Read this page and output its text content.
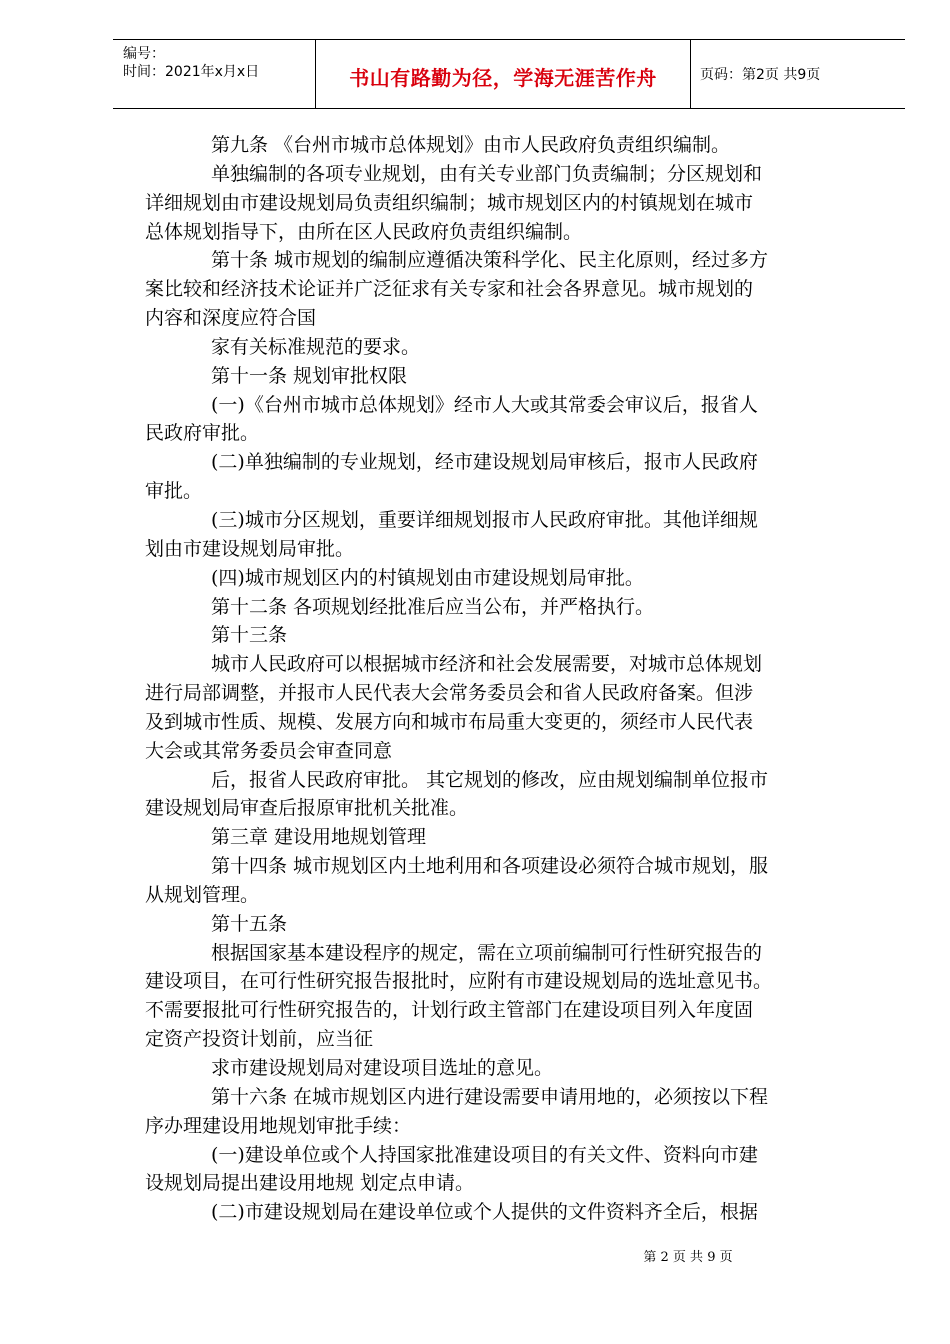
编号：
时间：2021年x月x日	书山有路勤为径，学海无涯苦作舟	页码：第2页 共9页
第九条 《台州市城市总体规划》由市人民政府负责组织编制。
单独编制的各项专业规划，由有关专业部门负责编制；分区规划和
详细规划由市建设规划局负责组织编制；城市规划区内的村镇规划在城市
总体规划指导下，由所在区人民政府负责组织编制。
第十条 城市规划的编制应遵循决策科学化、民主化原则，经过多方
案比较和经济技术论证并广泛征求有关专家和社会各界意见。城市规划的
内容和深度应符合国
家有关标准规范的要求。
第十一条 规划审批权限
(一)《台州市城市总体规划》经市人大或其常委会审议后，报省人
民政府审批。
(二)单独编制的专业规划，经市建设规划局审核后，报市人民政府
审批。
(三)城市分区规划，重要详细规划报市人民政府审批。其他详细规
划由市建设规划局审批。
(四)城市规划区内的村镇规划由市建设规划局审批。
第十二条 各项规划经批准后应当公布，并严格执行。
第十三条
城市人民政府可以根据城市经济和社会发展需要，对城市总体规划
进行局部调整，并报市人民代表大会常务委员会和省人民政府备案。但涉
及到城市性质、规模、发展方向和城市布局重大变更的，须经市人民代表
大会或其常务委员会审查同意
后，报省人民政府审批。 其它规划的修改，应由规划编制单位报市
建设规划局审查后报原审批机关批准。
第三章 建设用地规划管理
第十四条 城市规划区内土地利用和各项建设必须符合城市规划，服
从规划管理。
第十五条
根据国家基本建设程序的规定，需在立项前编制可行性研究报告的
建设项目，在可行性研究报告报批时，应附有市建设规划局的选址意见书。
不需要报批可行性研究报告的，计划行政主管部门在建设项目列入年度固
定资产投资计划前，应当征
求市建设规划局对建设项目选址的意见。
第十六条 在城市规划区内进行建设需要申请用地的，必须按以下程
序办理建设用地规划审批手续：
(一)建设单位或个人持国家批准建设项目的有关文件、资料向市建
设规划局提出建设用地规 划定点申请。
(二)市建设规划局在建设单位或个人提供的文件资料齐全后，根据
第 2 页 共 9 页
